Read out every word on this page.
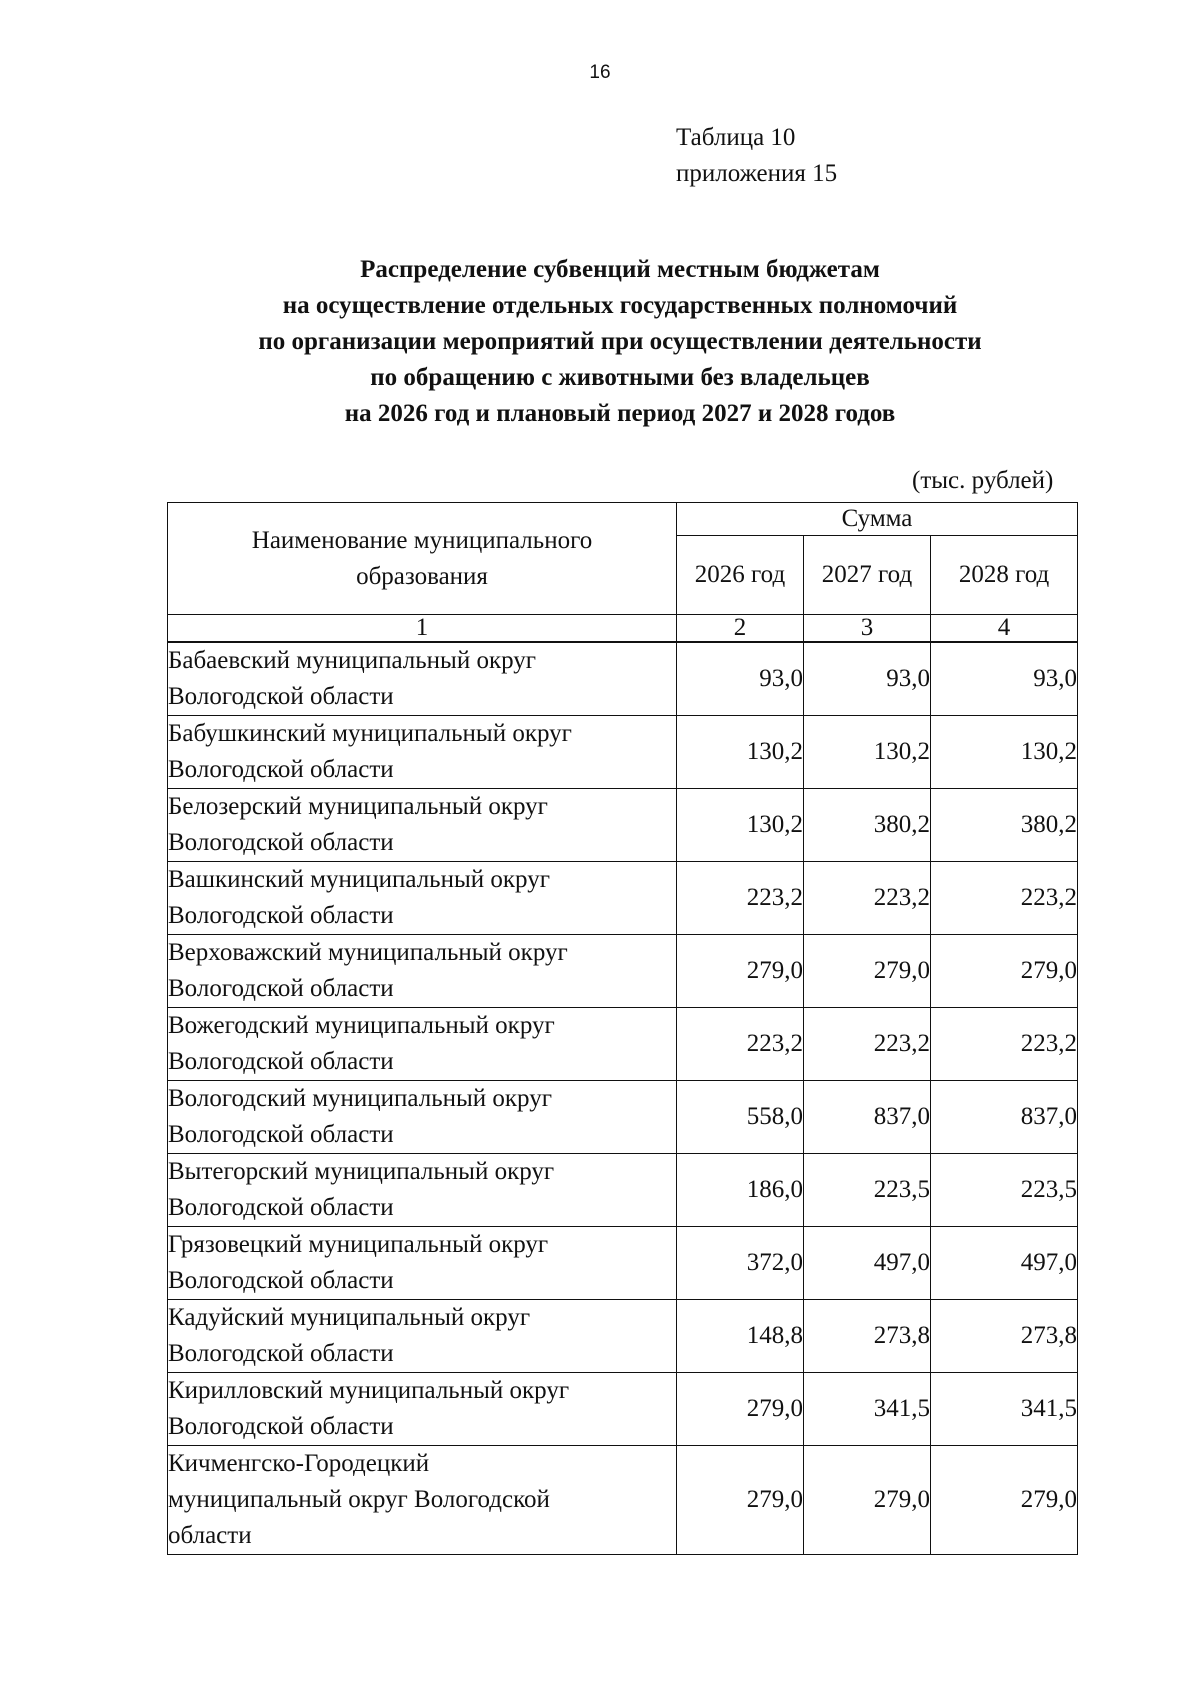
16
Таблица 10
приложения 15
Распределение субвенций местным бюджетам
на осуществление отдельных государственных полномочий
по организации мероприятий при осуществлении деятельности
по обращению с животными без владельцев
на 2026 год и плановый период 2027 и 2028 годов
(тыс. рублей)
Наименование муниципального
образования	Сумма		
	2026 год	2027 год	2028 год
1	2	3	4

Бабаевский муниципальный округ
Вологодской области	93,0	93,0	93,0

Бабушкинский муниципальный округ
Вологодской области	130,2	130,2	130,2

Белозерский муниципальный округ
Вологодской области	130,2	380,2	380,2

Вашкинский муниципальный округ
Вологодской области	223,2	223,2	223,2

Верховажский муниципальный округ
Вологодской области	279,0	279,0	279,0

Вожегодский муниципальный округ
Вологодской области	223,2	223,2	223,2

Вологодский муниципальный округ
Вологодской области	558,0	837,0	837,0

Вытегорский муниципальный округ
Вологодской области	186,0	223,5	223,5

Грязовецкий муниципальный округ
Вологодской области	372,0	497,0	497,0

Кадуйский муниципальный округ
Вологодской области	148,8	273,8	273,8

Кирилловский муниципальный округ
Вологодской области	279,0	341,5	341,5

Кичменгско-Городецкий
муниципальный округ Вологодской
области	279,0	279,0	279,0
